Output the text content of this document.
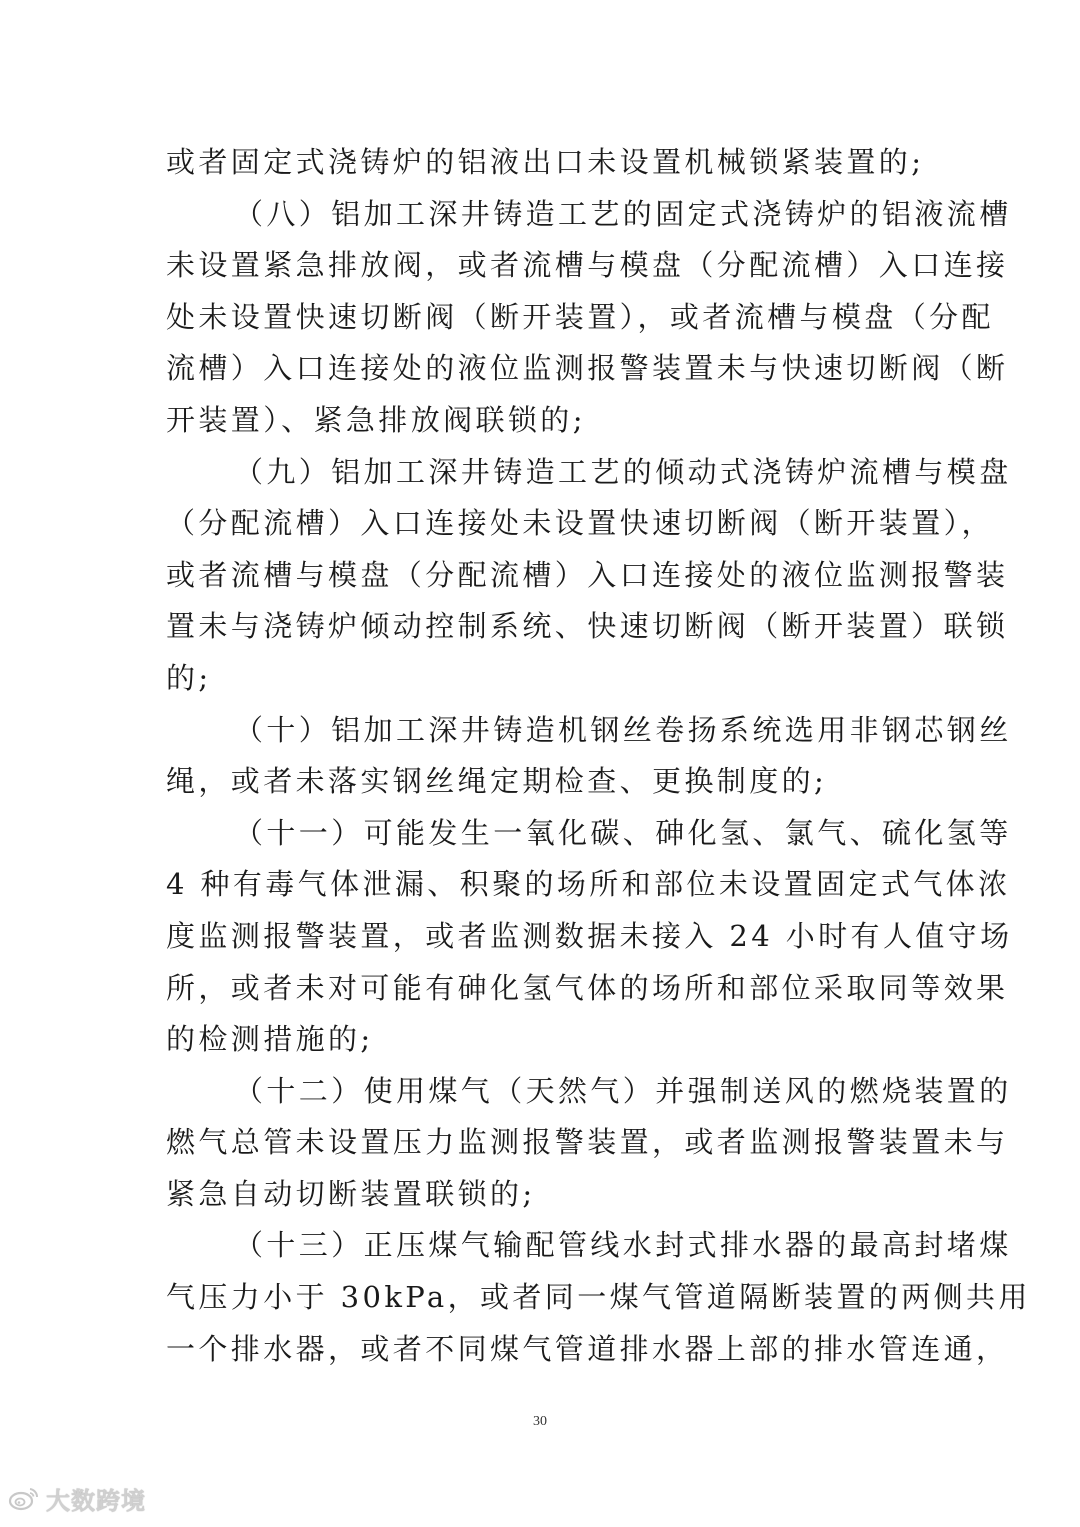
或者固定式浇铸炉的铝液出口未设置机械锁紧装置的;
（八）铝加工深井铸造工艺的固定式浇铸炉的铝液流槽
未设置紧急排放阀，或者流槽与模盘（分配流槽）入口连接
处未设置快速切断阀（断开装置），或者流槽与模盘（分配
流槽）入口连接处的液位监测报警装置未与快速切断阀（断
开装置）、紧急排放阀联锁的;
（九）铝加工深井铸造工艺的倾动式浇铸炉流槽与模盘
（分配流槽）入口连接处未设置快速切断阀（断开装置），
或者流槽与模盘（分配流槽）入口连接处的液位监测报警装
置未与浇铸炉倾动控制系统、快速切断阀（断开装置）联锁
的;
（十）铝加工深井铸造机钢丝卷扬系统选用非钢芯钢丝
绳，或者未落实钢丝绳定期检查、更换制度的;
（十一）可能发生一氧化碳、砷化氢、氯气、硫化氢等
4 种有毒气体泄漏、积聚的场所和部位未设置固定式气体浓
度监测报警装置，或者监测数据未接入 24 小时有人值守场
所，或者未对可能有砷化氢气体的场所和部位采取同等效果
的检测措施的;
（十二）使用煤气（天然气）并强制送风的燃烧装置的
燃气总管未设置压力监测报警装置，或者监测报警装置未与
紧急自动切断装置联锁的;
（十三）正压煤气输配管线水封式排水器的最高封堵煤
气压力小于 30kPa，或者同一煤气管道隔断装置的两侧共用
一个排水器，或者不同煤气管道排水器上部的排水管连通，
30
大数跨境
